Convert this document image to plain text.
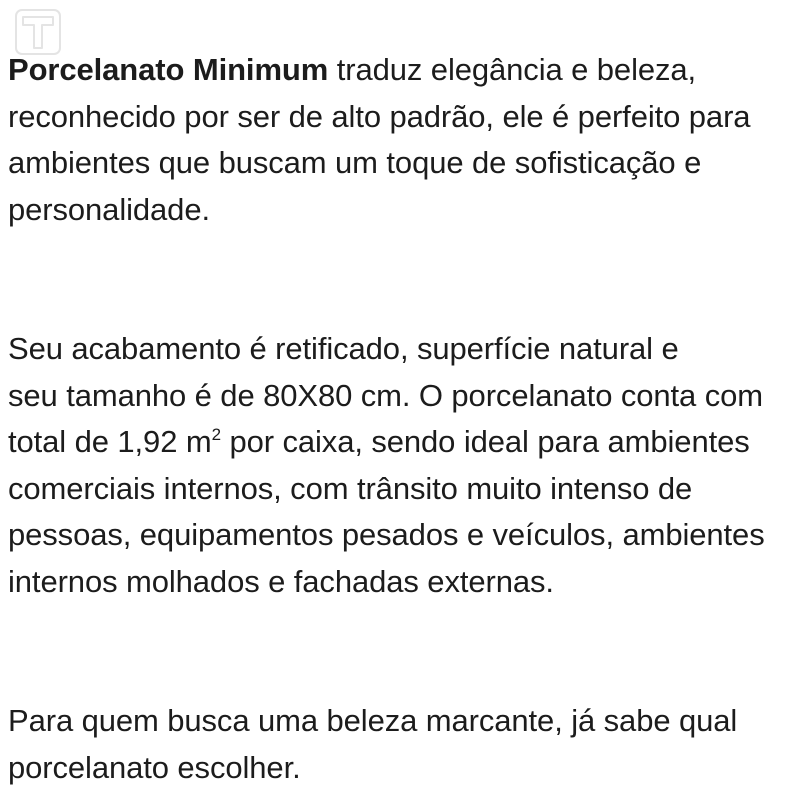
Porcelanato Minimum traduz elegância e beleza,
reconhecido por ser de alto padrão, ele é perfeito para
ambientes que buscam um toque de sofisticação e
personalidade.
Seu acabamento é retificado, superfície natural e
seu tamanho é de 80X80 cm. O porcelanato conta com
total de 1,92 $m^2$ por caixa, sendo ideal para ambientes
comerciais internos, com trânsito muito intenso de
pessoas, equipamentos pesados e veículos, ambientes
internos molhados e fachadas externas.
Para quem busca uma beleza marcante, já sabe qual
porcelanato escolher.
